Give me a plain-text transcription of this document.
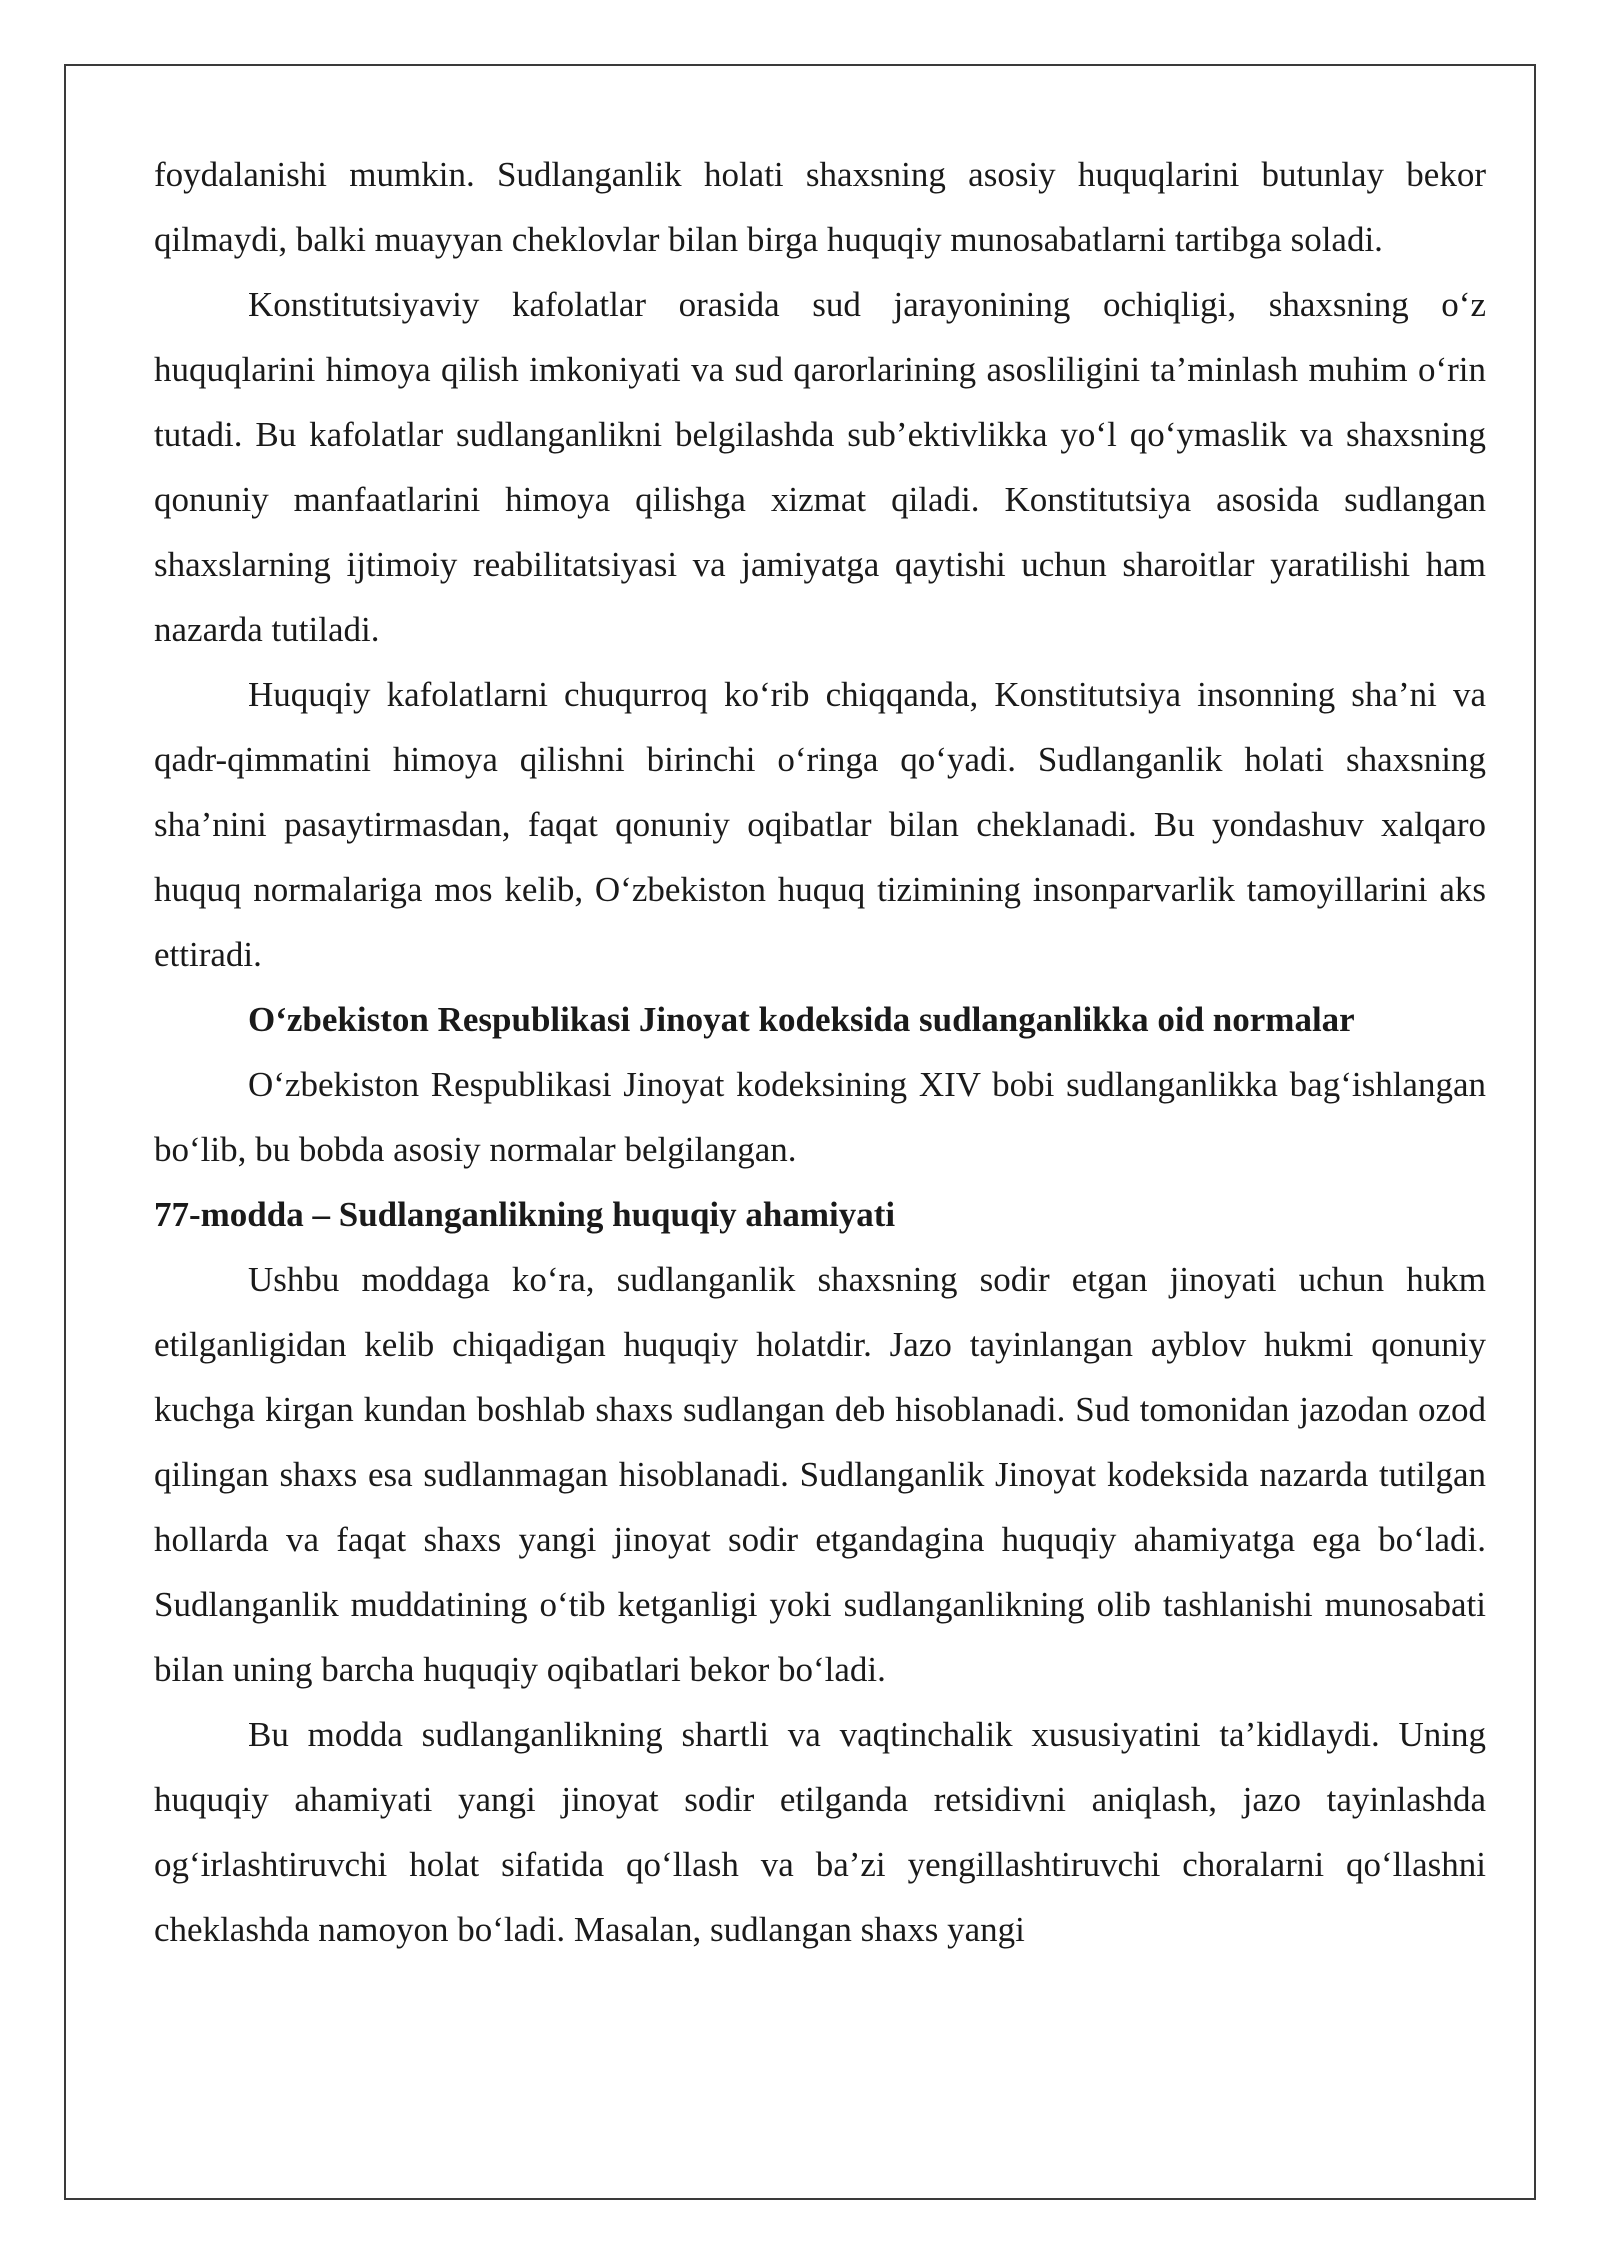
foydalanishi mumkin. Sudlanganlik holati shaxsning asosiy huquqlarini butunlay bekor qilmaydi, balki muayyan cheklovlar bilan birga huquqiy munosabatlarni tartibga soladi.

Konstitutsiyaviy kafolatlar orasida sud jarayonining ochiqligi, shaxsning o‘z huquqlarini himoya qilish imkoniyati va sud qarorlarining asosliligini ta’minlash muhim o‘rin tutadi. Bu kafolatlar sudlanganlikni belgilashda sub’ektivlikka yo‘l qo‘ymaslik va shaxsning qonuniy manfaatlarini himoya qilishga xizmat qiladi. Konstitutsiya asosida sudlangan shaxslarning ijtimoiy reabilitatsiyasi va jamiyatga qaytishi uchun sharoitlar yaratilishi ham nazarda tutiladi.

Huquqiy kafolatlarni chuqurroq ko‘rib chiqqanda, Konstitutsiya insonning sha’ni va qadr-qimmatini himoya qilishni birinchi o‘ringa qo‘yadi. Sudlanganlik holati shaxsning sha’nini pasaytirmasdan, faqat qonuniy oqibatlar bilan cheklanadi. Bu yondashuv xalqaro huquq normalariga mos kelib, O‘zbekiston huquq tizimining insonparvarlik tamoyillarini aks ettiradi.

O‘zbekiston Respublikasi Jinoyat kodeksida sudlanganlikka oid normalar

O‘zbekiston Respublikasi Jinoyat kodeksining XIV bobi sudlanganlikka bag‘ishlangan bo‘lib, bu bobda asosiy normalar belgilangan.

77-modda – Sudlanganlikning huquqiy ahamiyati

Ushbu moddaga ko‘ra, sudlanganlik shaxsning sodir etgan jinoyati uchun hukm etilganligidan kelib chiqadigan huquqiy holatdir. Jazo tayinlangan ayblov hukmi qonuniy kuchga kirgan kundan boshlab shaxs sudlangan deb hisoblanadi. Sud tomonidan jazodan ozod qilingan shaxs esa sudlanmagan hisoblanadi. Sudlanganlik Jinoyat kodeksida nazarda tutilgan hollarda va faqat shaxs yangi jinoyat sodir etgandagina huquqiy ahamiyatga ega bo‘ladi. Sudlanganlik muddatining o‘tib ketganligi yoki sudlanganlikning olib tashlanishi munosabati bilan uning barcha huquqiy oqibatlari bekor bo‘ladi.

Bu modda sudlanganlikning shartli va vaqtinchalik xususiyatini ta’kidlaydi. Uning huquqiy ahamiyati yangi jinoyat sodir etilganda retsidivni aniqlash, jazo tayinlashda og‘irlashtiruvchi holat sifatida qo‘llash va ba’zi yengillashtiruvchi choralarni qo‘llashni cheklashda namoyon bo‘ladi. Masalan, sudlangan shaxs yangi
